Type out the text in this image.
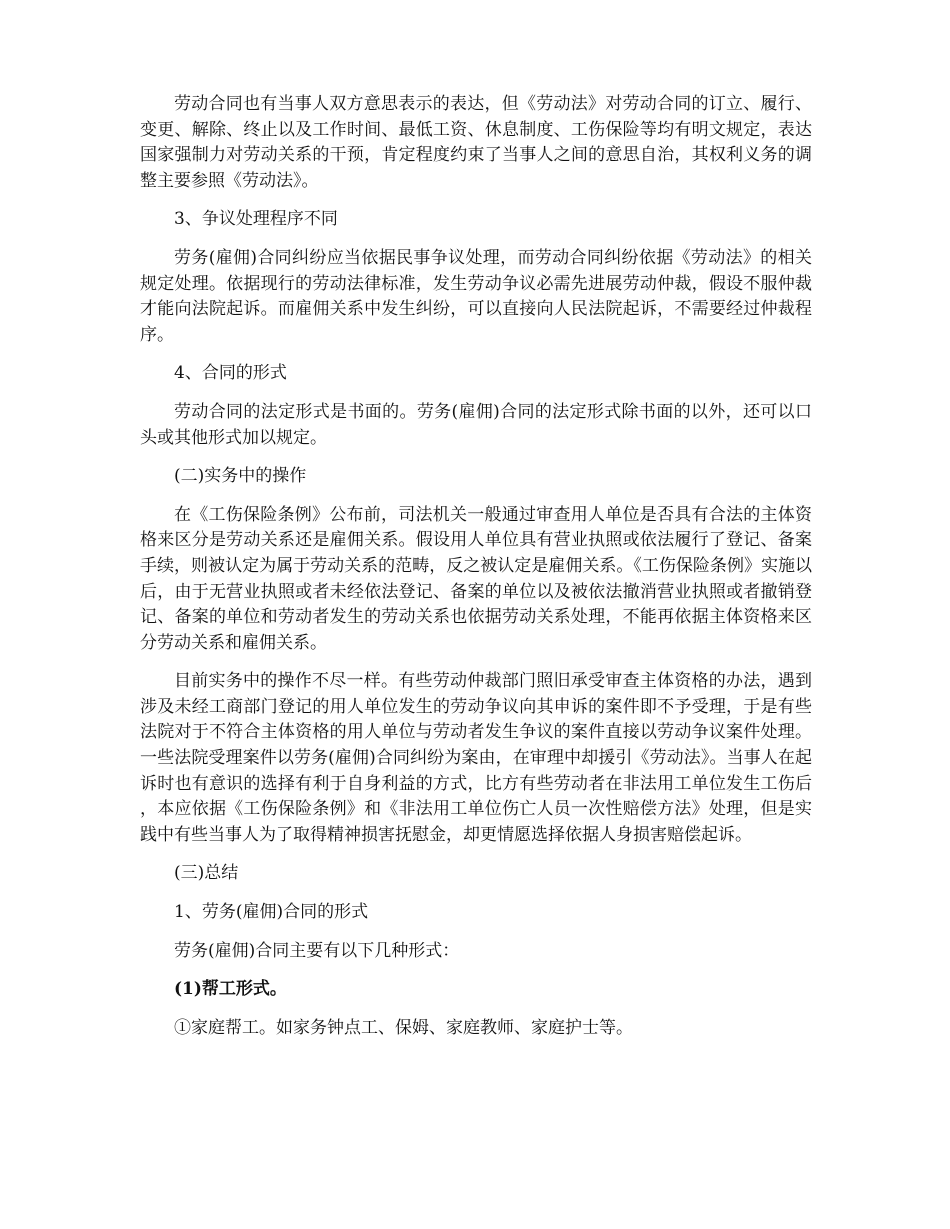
劳动合同也有当事人双方意思表示的表达，但《劳动法》对劳动合同的订立、履行、变更、解除、终止以及工作时间、最低工资、休息制度、工伤保险等均有明文规定，表达国家强制力对劳动关系的干预，肯定程度约束了当事人之间的意思自治，其权利义务的调整主要参照《劳动法》。

3、争议处理程序不同

劳务(雇佣)合同纠纷应当依据民事争议处理，而劳动合同纠纷依据《劳动法》的相关规定处理。依据现行的劳动法律标准，发生劳动争议必需先进展劳动仲裁，假设不服仲裁才能向法院起诉。而雇佣关系中发生纠纷，可以直接向人民法院起诉，不需要经过仲裁程序。

4、合同的形式

劳动合同的法定形式是书面的。劳务(雇佣)合同的法定形式除书面的以外，还可以口头或其他形式加以规定。

(二)实务中的操作

在《工伤保险条例》公布前，司法机关一般通过审查用人单位是否具有合法的主体资格来区分是劳动关系还是雇佣关系。假设用人单位具有营业执照或依法履行了登记、备案手续，则被认定为属于劳动关系的范畴，反之被认定是雇佣关系。《工伤保险条例》实施以后，由于无营业执照或者未经依法登记、备案的单位以及被依法撤消营业执照或者撤销登记、备案的单位和劳动者发生的劳动关系也依据劳动关系处理，不能再依据主体资格来区分劳动关系和雇佣关系。

目前实务中的操作不尽一样。有些劳动仲裁部门照旧承受审查主体资格的办法，遇到涉及未经工商部门登记的用人单位发生的劳动争议向其申诉的案件即不予受理，于是有些法院对于不符合主体资格的用人单位与劳动者发生争议的案件直接以劳动争议案件处理。一些法院受理案件以劳务(雇佣)合同纠纷为案由，在审理中却援引《劳动法》。当事人在起诉时也有意识的选择有利于自身利益的方式，比方有些劳动者在非法用工单位发生工伤后，本应依据《工伤保险条例》和《非法用工单位伤亡人员一次性赔偿方法》处理，但是实践中有些当事人为了取得精神损害抚慰金，却更情愿选择依据人身损害赔偿起诉。

(三)总结

1、劳务(雇佣)合同的形式

劳务(雇佣)合同主要有以下几种形式：

(1)帮工形式。

①家庭帮工。如家务钟点工、保姆、家庭教师、家庭护士等。
